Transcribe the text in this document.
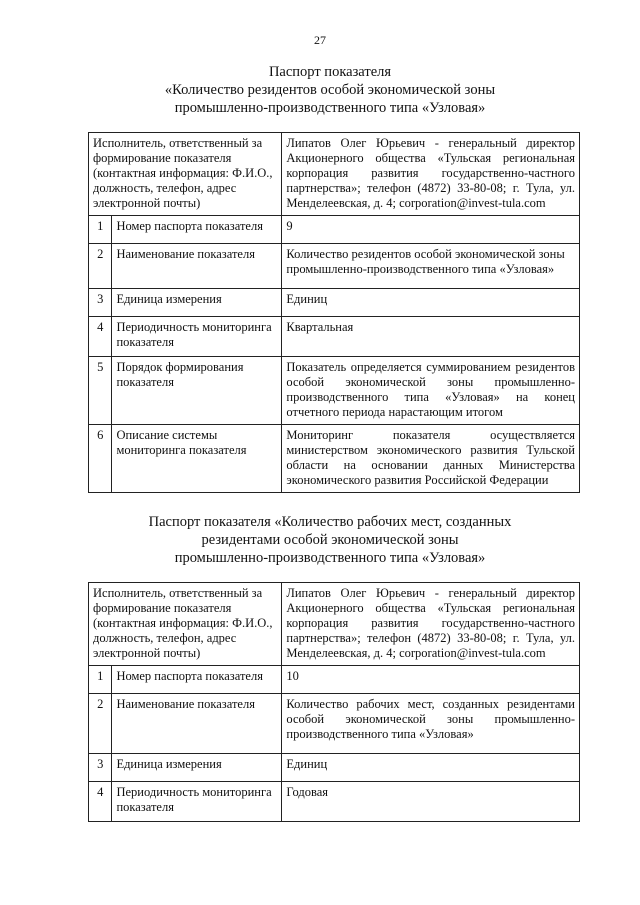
27
Паспорт показателя
«Количество резидентов особой экономической зоны
промышленно-производственного типа «Узловая»
Исполнитель, ответственный за формирование показателя (контактная информация: Ф.И.О., должность, телефон, адрес электронной почты)		Липатов Олег Юрьевич - генеральный директор Акционерного общества «Тульская региональная корпорация развития государственно-частного партнерства»; телефон (4872) 33-80-08; г. Тула, ул. Менделеевская, д. 4; corporation@invest-tula.com
1	Номер паспорта показателя	9
2	Наименование показателя	Количество резидентов особой экономической зоны промышленно-производственного типа «Узловая»
3	Единица измерения	Единиц
4	Периодичность мониторинга показателя	Квартальная
5	Порядок формирования показателя	Показатель определяется суммированием резидентов особой экономической зоны промышленно-производственного типа «Узловая» на конец отчетного периода нарастающим итогом
6	Описание системы мониторинга показателя	Мониторинг показателя осуществляется министерством экономического развития Тульской области на основании данных Министерства экономического развития Российской Федерации
Паспорт показателя «Количество рабочих мест, созданных
резидентами особой экономической зоны
промышленно-производственного типа «Узловая»
Исполнитель, ответственный за формирование показателя (контактная информация: Ф.И.О., должность, телефон, адрес электронной почты)		Липатов Олег Юрьевич - генеральный директор Акционерного общества «Тульская региональная корпорация развития государственно-частного партнерства»; телефон (4872) 33-80-08; г. Тула, ул. Менделеевская, д. 4; corporation@invest-tula.com
1	Номер паспорта показателя	10
2	Наименование показателя	Количество рабочих мест, созданных резидентами особой экономической зоны промышленно-производственного типа «Узловая»
3	Единица измерения	Единиц
4	Периодичность мониторинга показателя	Годовая
